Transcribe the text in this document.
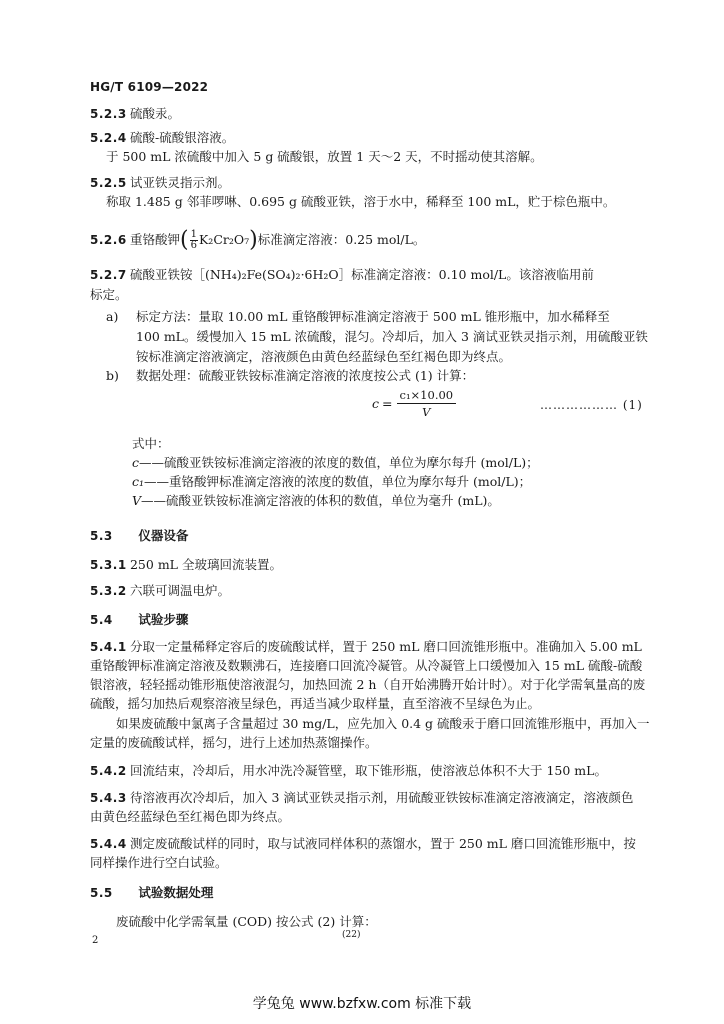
HG/T 6109—2022
5.2.3 硫酸汞。
5.2.4 硫酸-硫酸银溶液。
于 500 mL 浓硫酸中加入 5 g 硫酸银，放置 1 天～2 天，不时摇动使其溶解。
5.2.5 试亚铁灵指示剂。
称取 1.485 g 邻菲啰啉、0.695 g 硫酸亚铁，溶于水中，稀释至 100 mL，贮于棕色瓶中。
5.2.6 重铬酸钾( $\frac{1}{6} K_2Cr_2O_7$)标准滴定溶液：0.25 mol/L。
5.2.7 硫酸亚铁铵［(NH₄)₂Fe(SO₄)₂·6H₂O］标准滴定溶液：0.10 mol/L。该溶液临用前
标定。
a) 标定方法：量取 10.00 mL 重铬酸钾标准滴定溶液于 500 mL 锥形瓶中，加水稀释至
100 mL。缓慢加入 15 mL 浓硫酸，混匀。冷却后，加入 3 滴试亚铁灵指示剂，用硫酸亚铁
铵标准滴定溶液滴定，溶液颜色由黄色经蓝绿色至红褐色即为终点。
b) 数据处理：硫酸亚铁铵标准滴定溶液的浓度按公式 (1) 计算：
$c = \frac{\text{c₁×10.00}}{V}$	……………… (1)
式中：
c——硫酸亚铁铵标准滴定溶液的浓度的数值，单位为摩尔每升 (mol/L)；
c₁——重铬酸钾标准滴定溶液的浓度的数值，单位为摩尔每升 (mol/L)；
V——硫酸亚铁铵标准滴定溶液的体积的数值，单位为毫升 (mL)。
5.3 仪器设备
5.3.1 250 mL 全玻璃回流装置。
5.3.2 六联可调温电炉。
5.4 试验步骤
5.4.1 分取一定量稀释定容后的废硫酸试样，置于 250 mL 磨口回流锥形瓶中。准确加入 5.00 mL
重铬酸钾标准滴定溶液及数颗沸石，连接磨口回流冷凝管。从冷凝管上口缓慢加入 15 mL 硫酸-硫酸
银溶液，轻轻摇动锥形瓶使溶液混匀，加热回流 2 h（自开始沸腾开始计时）。对于化学需氧量高的废
硫酸，摇匀加热后观察溶液呈绿色，再适当减少取样量，直至溶液不呈绿色为止。
如果废硫酸中氯离子含量超过 30 mg/L，应先加入 0.4 g 硫酸汞于磨口回流锥形瓶中，再加入一
定量的废硫酸试样，摇匀，进行上述加热蒸馏操作。
5.4.2 回流结束，冷却后，用水冲洗冷凝管壁，取下锥形瓶，使溶液总体积不大于 150 mL。
5.4.3 待溶液再次冷却后，加入 3 滴试亚铁灵指示剂，用硫酸亚铁铵标准滴定溶液滴定，溶液颜色
由黄色经蓝绿色至红褐色即为终点。
5.4.4 测定废硫酸试样的同时，取与试液同样体积的蒸馏水，置于 250 mL 磨口回流锥形瓶中，按
同样操作进行空白试验。
5.5 试验数据处理
废硫酸中化学需氧量 (COD) 按公式 (2) 计算：
2	(22)
学兔兔 www.bzfxw.com 标准下载
